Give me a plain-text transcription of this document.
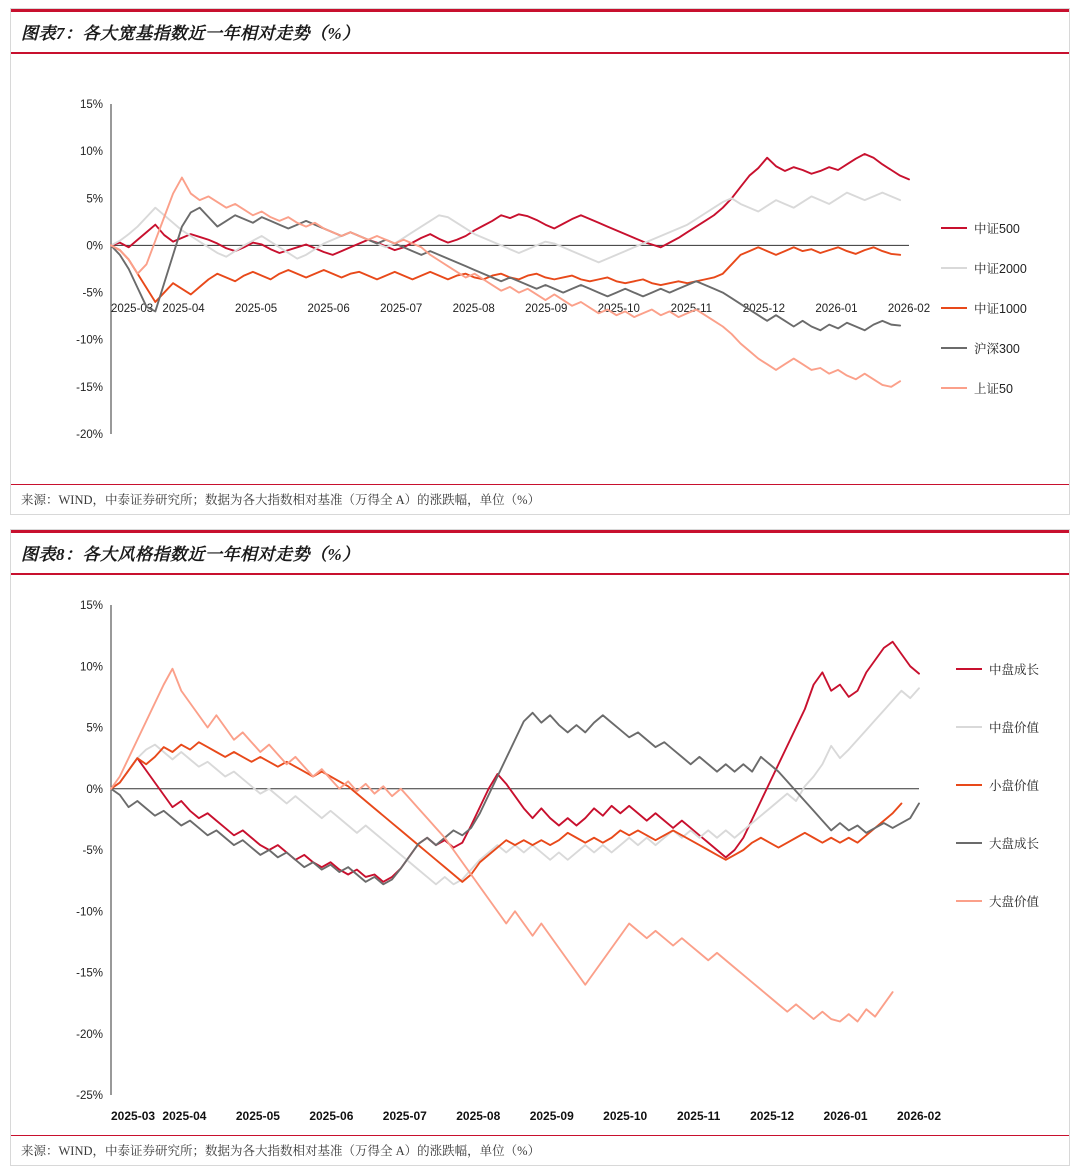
图表7：各大宽基指数近一年相对走势（%）
15%
10%
5%
0%
-5%
-10%
-15%
-20%
2025-03 2025-04	2025-05	2025-06	2025-07	2025-08	2025-09	2025-10	2025-11	2025-12	2026-01	2026-02
中证500
中证2000
中证1000
沪深300
上证50
来源：WIND，中泰证券研究所；数据为各大指数相对基准（万得全 A）的涨跌幅，单位（%）
图表8：各大风格指数近一年相对走势（%）
15%
10%
5%
0%
-5%
-10%
-15%
-20%
-25%
2025-03 2025-04 2025-05 2025-06 2025-07 2025-08 2025-09 2025-10 2025-11 2025-12 2026-01 2026-02
中盘成长
中盘价值
小盘价值
大盘成长
大盘价值
来源：WIND，中泰证券研究所；数据为各大指数相对基准（万得全 A）的涨跌幅，单位（%）
